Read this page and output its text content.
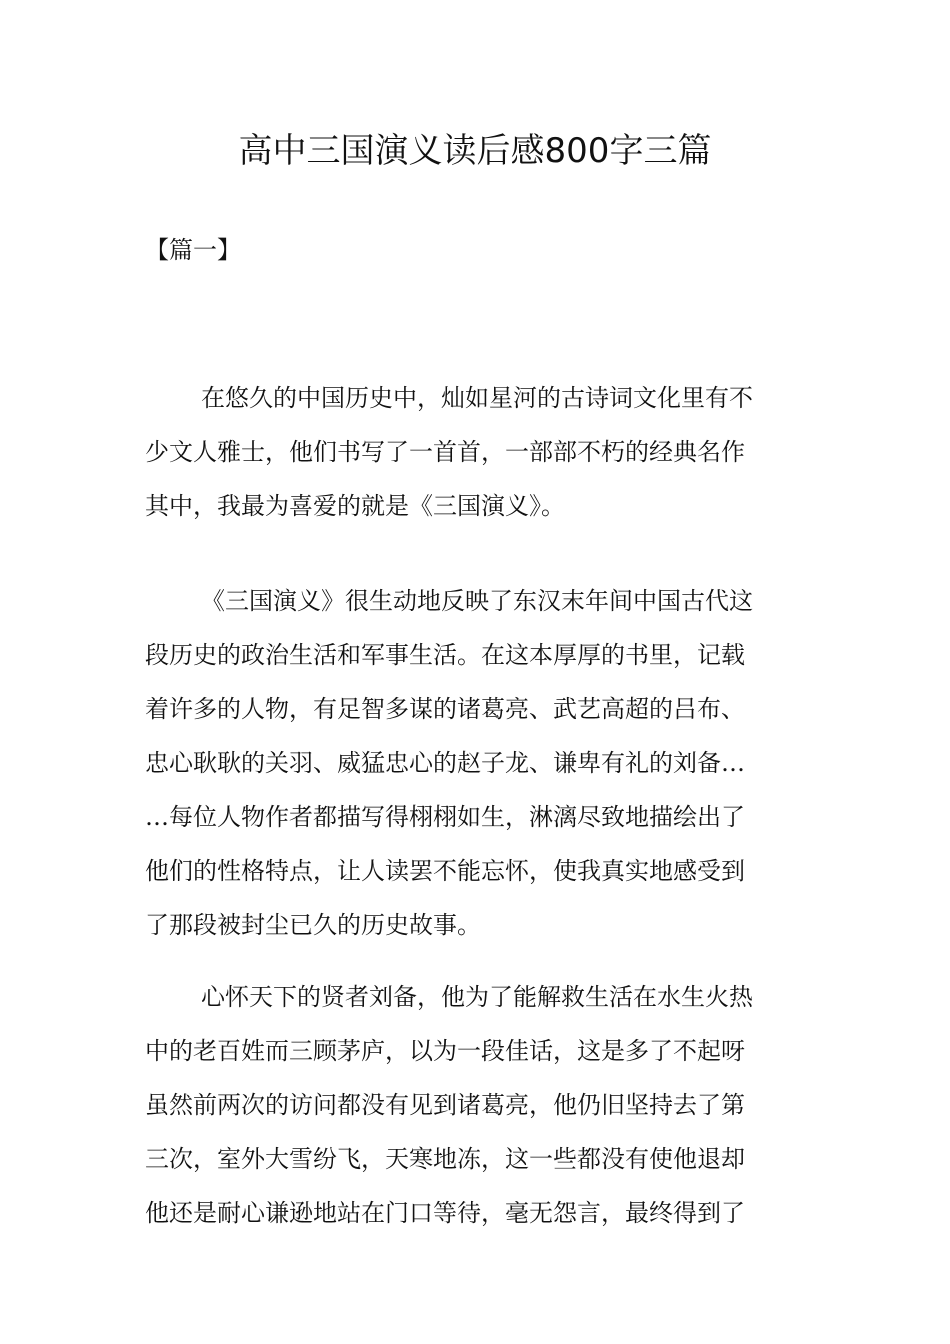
高中三国演义读后感800字三篇

【篇一】

在悠久的中国历史中，灿如星河的古诗词文化里有不
少文人雅士，他们书写了一首首，一部部不朽的经典名作
其中，我最为喜爱的就是《三国演义》。
《三国演义》很生动地反映了东汉末年间中国古代这
段历史的政治生活和军事生活。在这本厚厚的书里，记载
着许多的人物，有足智多谋的诸葛亮、武艺高超的吕布、
忠心耿耿的关羽、威猛忠心的赵子龙、谦卑有礼的刘备…
…每位人物作者都描写得栩栩如生，淋漓尽致地描绘出了
他们的性格特点，让人读罢不能忘怀，使我真实地感受到
了那段被封尘已久的历史故事。
心怀天下的贤者刘备，他为了能解救生活在水生火热
中的老百姓而三顾茅庐，以为一段佳话，这是多了不起呀
虽然前两次的访问都没有见到诸葛亮，他仍旧坚持去了第
三次，室外大雪纷飞，天寒地冻，这一些都没有使他退却
他还是耐心谦逊地站在门口等待，毫无怨言，最终得到了
